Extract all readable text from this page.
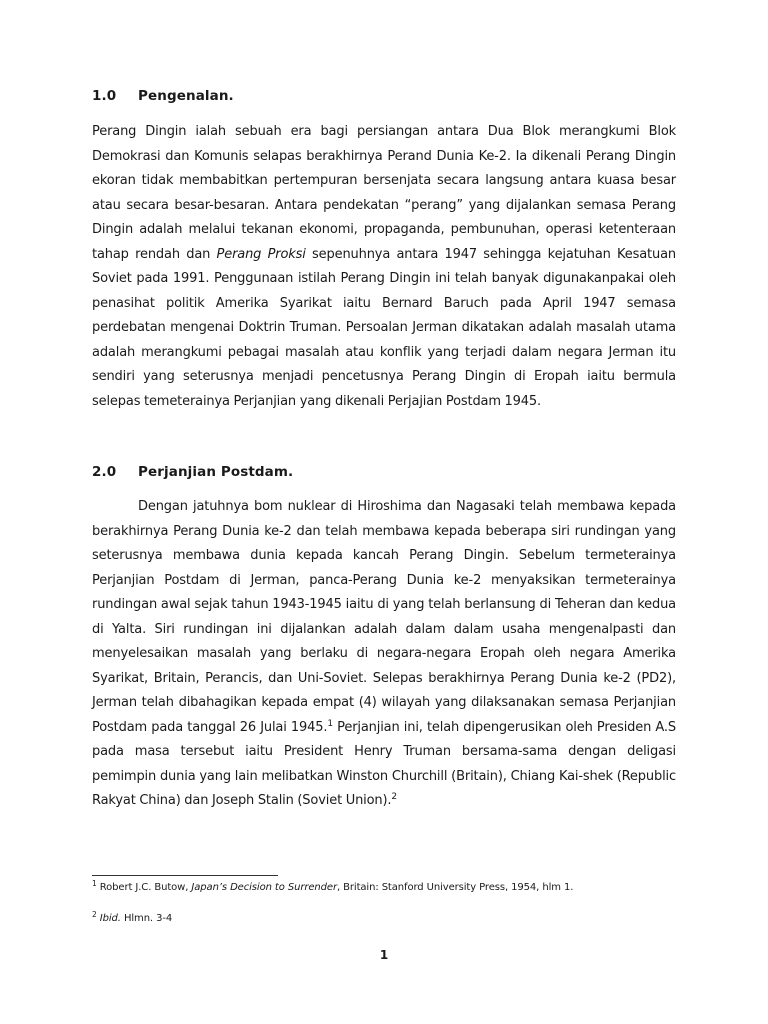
1.0 Pengenalan.
Perang Dingin ialah sebuah era bagi persiangan antara Dua Blok merangkumi Blok Demokrasi dan Komunis selapas berakhirnya Perand Dunia Ke-2. Ia dikenali Perang Dingin ekoran tidak membabitkan pertempuran bersenjata secara langsung antara kuasa besar atau secara besar-besaran. Antara pendekatan “perang” yang dijalankan semasa Perang Dingin adalah melalui tekanan ekonomi, propaganda, pembunuhan, operasi ketenteraan tahap rendah dan Perang Proksi sepenuhnya antara 1947 sehingga kejatuhan Kesatuan Soviet pada 1991. Penggunaan istilah Perang Dingin ini telah banyak digunakanpakai oleh penasihat politik Amerika Syarikat iaitu Bernard Baruch pada April 1947 semasa perdebatan mengenai Doktrin Truman. Persoalan Jerman dikatakan adalah masalah utama adalah merangkumi pebagai masalah atau konflik yang terjadi dalam negara Jerman itu sendiri yang seterusnya menjadi pencetusnya Perang Dingin di Eropah iaitu bermula selepas temeterainya Perjanjian yang dikenali Perjajian Postdam 1945.
2.0 Perjanjian Postdam.
Dengan jatuhnya bom nuklear di Hiroshima dan Nagasaki telah membawa kepada berakhirnya Perang Dunia ke-2 dan telah membawa kepada beberapa siri rundingan yang seterusnya membawa dunia kepada kancah Perang Dingin. Sebelum termeterainya Perjanjian Postdam di Jerman, panca-Perang Dunia ke-2 menyaksikan termeterainya rundingan awal sejak tahun 1943-1945 iaitu di yang telah berlansung di Teheran dan kedua di Yalta. Siri rundingan ini dijalankan adalah dalam dalam usaha mengenalpasti dan menyelesaikan masalah yang berlaku di negara-negara Eropah oleh negara Amerika Syarikat, Britain, Perancis, dan Uni-Soviet. Selepas berakhirnya Perang Dunia ke-2 (PD2), Jerman telah dibahagikan kepada empat (4) wilayah yang dilaksanakan semasa Perjanjian Postdam pada tanggal 26 Julai 1945.$^1$ Perjanjian ini, telah dipengerusikan oleh Presiden A.S pada masa tersebut iaitu President Henry Truman bersama-sama dengan deligasi pemimpin dunia yang lain melibatkan Winston Churchill (Britain), Chiang Kai-shek (Republic Rakyat China) dan Joseph Stalin (Soviet Union).$^2$
$^1$ Robert J.C. Butow, Japan’s Decision to Surrender, Britain: Stanford University Press, 1954, hlm 1.
$^2$ Ibid. Hlmn. 3-4
1
